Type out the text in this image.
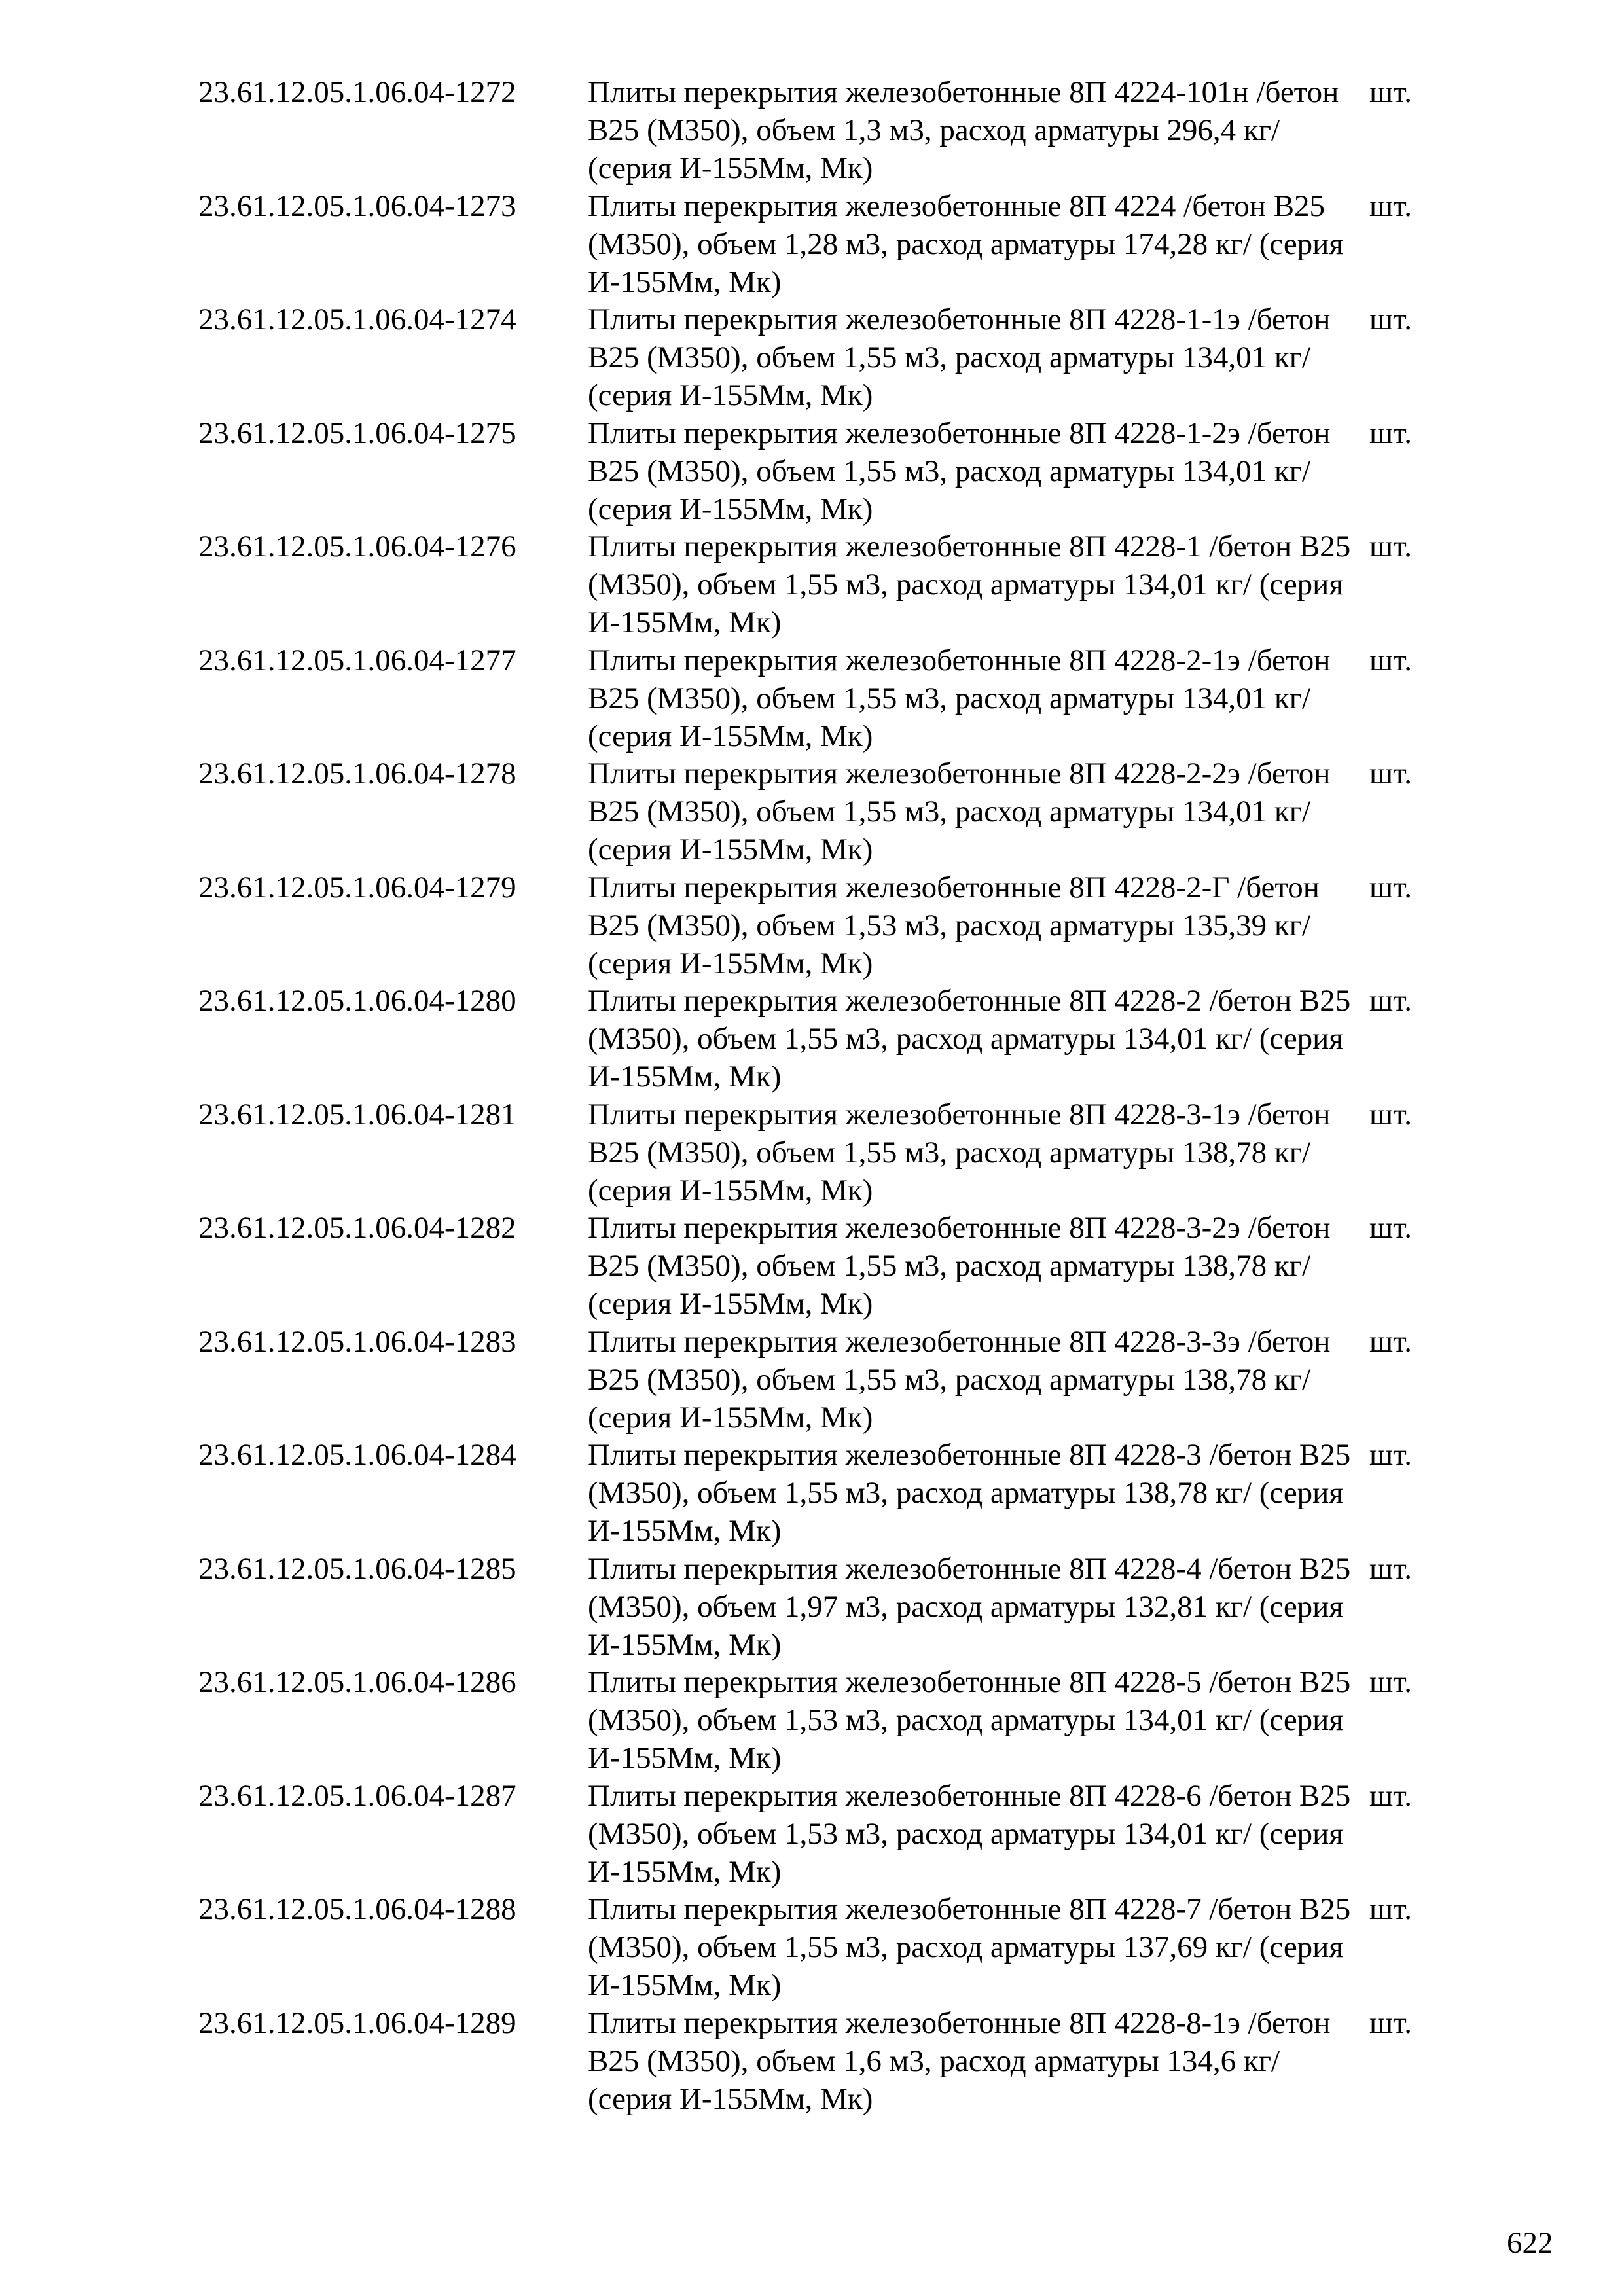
23.61.12.05.1.06.04-1272 Плиты перекрытия железобетонные 8П 4224-101н /бетон В25 (М350), объем 1,3 м3, расход арматуры 296,4 кг/ (серия И-155Мм, Мк)
шт.
23.61.12.05.1.06.04-1273 Плиты перекрытия железобетонные 8П 4224 /бетон В25 (М350), объем 1,28 м3, расход арматуры 174,28 кг/ (серия И-155Мм, Мк)
шт.
23.61.12.05.1.06.04-1274 Плиты перекрытия железобетонные 8П 4228-1-1э /бетон В25 (М350), объем 1,55 м3, расход арматуры 134,01 кг/ (серия И-155Мм, Мк)
шт.
23.61.12.05.1.06.04-1275 Плиты перекрытия железобетонные 8П 4228-1-2э /бетон В25 (М350), объем 1,55 м3, расход арматуры 134,01 кг/ (серия И-155Мм, Мк)
шт.
23.61.12.05.1.06.04-1276 Плиты перекрытия железобетонные 8П 4228-1 /бетон В25 (М350), объем 1,55 м3, расход арматуры 134,01 кг/ (серия И-155Мм, Мк)
шт.
23.61.12.05.1.06.04-1277 Плиты перекрытия железобетонные 8П 4228-2-1э /бетон В25 (М350), объем 1,55 м3, расход арматуры 134,01 кг/ (серия И-155Мм, Мк)
шт.
23.61.12.05.1.06.04-1278 Плиты перекрытия железобетонные 8П 4228-2-2э /бетон В25 (М350), объем 1,55 м3, расход арматуры 134,01 кг/ (серия И-155Мм, Мк)
шт.
23.61.12.05.1.06.04-1279 Плиты перекрытия железобетонные 8П 4228-2-Г /бетон В25 (М350), объем 1,53 м3, расход арматуры 135,39 кг/ (серия И-155Мм, Мк)
шт.
23.61.12.05.1.06.04-1280 Плиты перекрытия железобетонные 8П 4228-2 /бетон В25 (М350), объем 1,55 м3, расход арматуры 134,01 кг/ (серия И-155Мм, Мк)
шт.
23.61.12.05.1.06.04-1281 Плиты перекрытия железобетонные 8П 4228-3-1э /бетон В25 (М350), объем 1,55 м3, расход арматуры 138,78 кг/ (серия И-155Мм, Мк)
шт.
23.61.12.05.1.06.04-1282 Плиты перекрытия железобетонные 8П 4228-3-2э /бетон В25 (М350), объем 1,55 м3, расход арматуры 138,78 кг/ (серия И-155Мм, Мк)
шт.
23.61.12.05.1.06.04-1283 Плиты перекрытия железобетонные 8П 4228-3-3э /бетон В25 (М350), объем 1,55 м3, расход арматуры 138,78 кг/ (серия И-155Мм, Мк)
шт.
23.61.12.05.1.06.04-1284 Плиты перекрытия железобетонные 8П 4228-3 /бетон В25 (М350), объем 1,55 м3, расход арматуры 138,78 кг/ (серия И-155Мм, Мк)
шт.
23.61.12.05.1.06.04-1285 Плиты перекрытия железобетонные 8П 4228-4 /бетон В25 (М350), объем 1,97 м3, расход арматуры 132,81 кг/ (серия И-155Мм, Мк)
шт.
23.61.12.05.1.06.04-1286 Плиты перекрытия железобетонные 8П 4228-5 /бетон В25 (М350), объем 1,53 м3, расход арматуры 134,01 кг/ (серия И-155Мм, Мк)
шт.
23.61.12.05.1.06.04-1287 Плиты перекрытия железобетонные 8П 4228-6 /бетон В25 (М350), объем 1,53 м3, расход арматуры 134,01 кг/ (серия И-155Мм, Мк)
шт.
23.61.12.05.1.06.04-1288 Плиты перекрытия железобетонные 8П 4228-7 /бетон В25 (М350), объем 1,55 м3, расход арматуры 137,69 кг/ (серия И-155Мм, Мк)
шт.
23.61.12.05.1.06.04-1289 Плиты перекрытия железобетонные 8П 4228-8-1э /бетон В25 (М350), объем 1,6 м3, расход арматуры 134,6 кг/ (серия И-155Мм, Мк)
шт.
622
